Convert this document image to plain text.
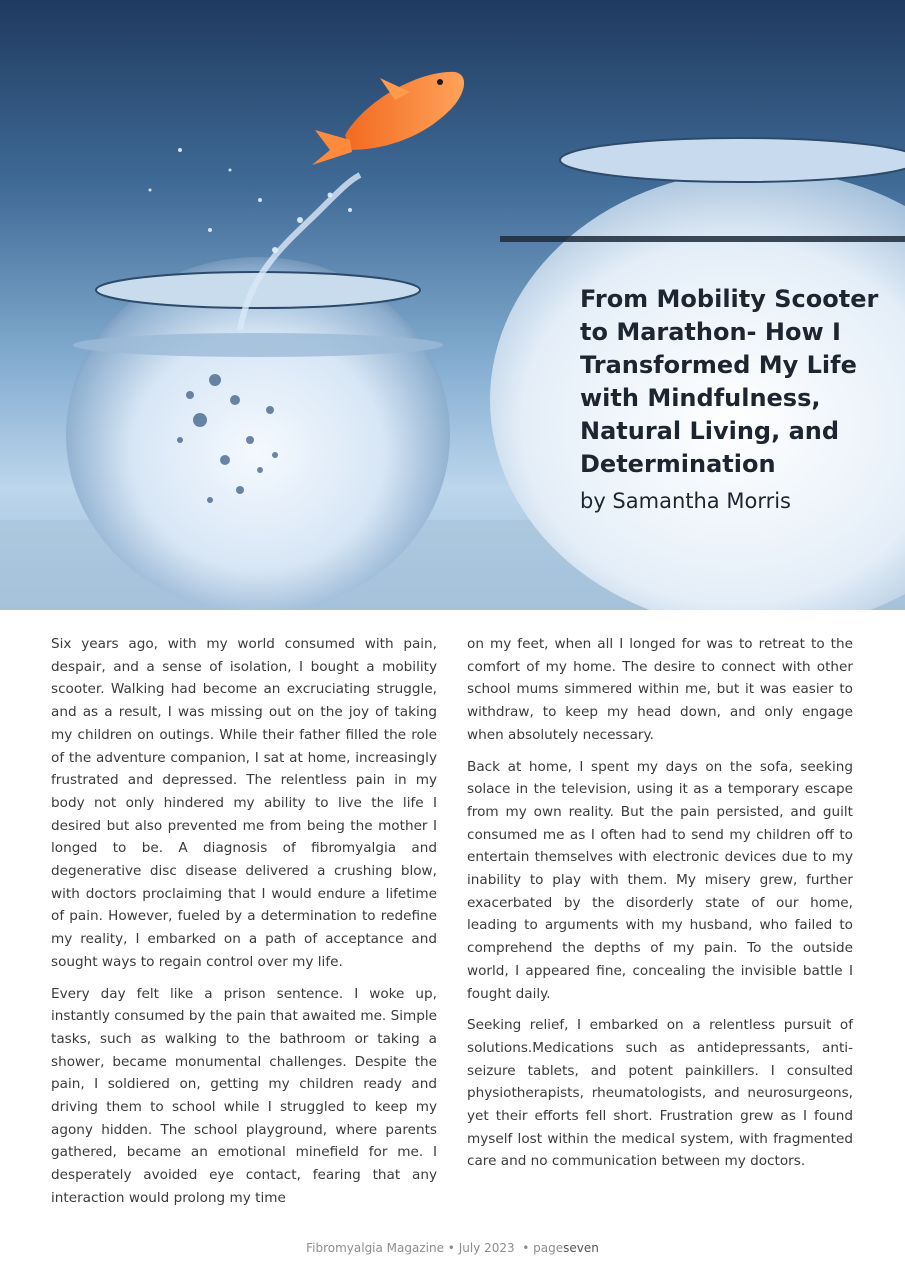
From Mobility Scooter to Marathon- How I Transformed My Life with Mindfulness, Natural Living, and Determination
by Samantha Morris

Six years ago, with my world consumed with pain, despair, and a sense of isolation, I bought a mobility scooter. Walking had become an excruciating struggle, and as a result, I was missing out on the joy of taking my children on outings. While their father filled the role of the adventure companion, I sat at home, increasingly frustrated and depressed. The relentless pain in my body not only hindered my ability to live the life I desired but also prevented me from being the mother I longed to be. A diagnosis of fibromyalgia and degenerative disc disease delivered a crushing blow, with doctors proclaiming that I would endure a lifetime of pain. However, fueled by a determination to redefine my reality, I embarked on a path of acceptance and sought ways to regain control over my life.

Every day felt like a prison sentence. I woke up, instantly consumed by the pain that awaited me. Simple tasks, such as walking to the bathroom or taking a shower, became monumental challenges. Despite the pain, I soldiered on, getting my children ready and driving them to school while I struggled to keep my agony hidden. The school playground, where parents gathered, became an emotional minefield for me. I desperately avoided eye contact, fearing that any interaction would prolong my time

on my feet, when all I longed for was to retreat to the comfort of my home. The desire to connect with other school mums simmered within me, but it was easier to withdraw, to keep my head down, and only engage when absolutely necessary.

Back at home, I spent my days on the sofa, seeking solace in the television, using it as a temporary escape from my own reality. But the pain persisted, and guilt consumed me as I often had to send my children off to entertain themselves with electronic devices due to my inability to play with them. My misery grew, further exacerbated by the disorderly state of our home, leading to arguments with my husband, who failed to comprehend the depths of my pain. To the outside world, I appeared fine, concealing the invisible battle I fought daily.

Seeking relief, I embarked on a relentless pursuit of solutions.Medications such as antidepressants, anti-seizure tablets, and potent painkillers. I consulted physiotherapists, rheumatologists, and neurosurgeons, yet their efforts fell short. Frustration grew as I found myself lost within the medical system, with fragmented care and no communication between my doctors.

Fibromyalgia Magazine • July 2023  • pageseven
